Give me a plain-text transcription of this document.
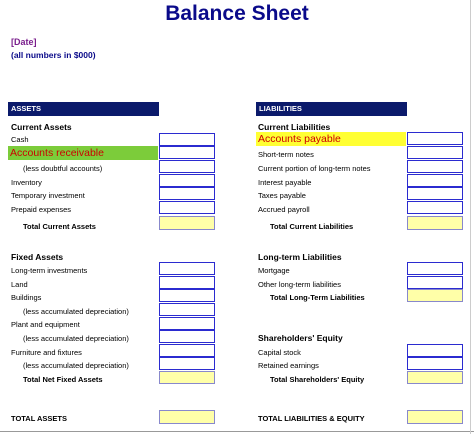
Balance Sheet
[Date]
(all numbers in $000)
ASSETS	LIABILITIES
Current Assets
Cash
Accounts receivable
(less doubtful accounts)
Inventory
Temporary investment
Prepaid expenses
Total Current Assets
Fixed Assets
Long-term investments
Land
Buildings
(less accumulated depreciation)
Plant and equipment
(less accumulated depreciation)
Furniture and fixtures
(less accumulated depreciation)
Total Net Fixed Assets
TOTAL ASSETS
Current Liabilities
Accounts payable
Short-term notes
Current portion of long-term notes
Interest payable
Taxes payable
Accrued payroll
Total Current Liabilities
Long-term Liabilities
Mortgage
Other long-term liabilities
Total Long-Term Liabilities
Shareholders' Equity
Capital stock
Retained earnings
Total Shareholders' Equity
TOTAL LIABILITIES & EQUITY
